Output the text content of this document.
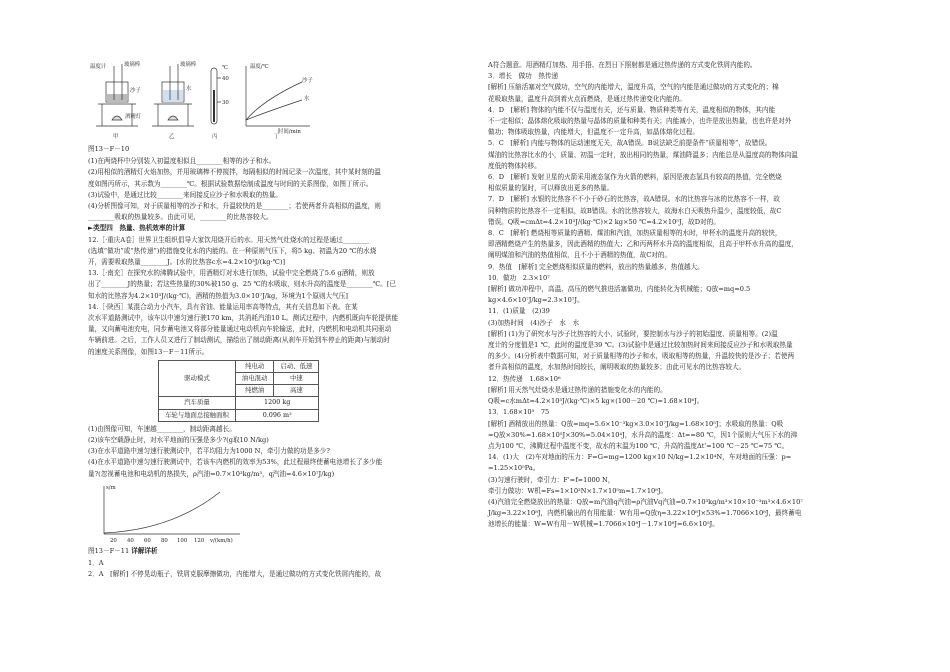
温度计	玻璃棒	玻璃棒
水
沙子
酒精灯
甲	乙	丙	丁
℃
40
30
温度/℃
沙子
水
时间/min

图13－F－10

(1)在两烧杯中分别装入初温度相似且________相等的沙子和水。

(2)用相似的酒精灯火焰加热，并用玻璃棒不停搅拌，每隔相似的时间记录一次温度，其中某时刻的温

度如图丙所示，其示数为________℃。根据试验数据绘制成温度与时间的关系图像，如图丁所示。

(3)试验中，是通过比较________来间接反应沙子和水吸取的热量。

(4)分析图像可知，对于质量相等的沙子和水，升温较快的是________；若使两者升高相似的温度，则

________吸取的热量较多。由此可见，________的比热容较大。

►类型四　热量、热机效率的计算

12.［·重庆A卷］世界卫生组织倡导大家饮用烧开后的水。用天然气灶烧水的过程是通过________

(选填“做功”或“热传递”)的措施变化水的内能的。在一种原则气压下，将5 kg、初温为20 ℃的水烧

开，需要吸取热量________J。[水的比热容c水=4.2×10³J/(kg·℃)]

13.［·南充］在探究水的沸腾试验中，用酒精灯对水进行加热，试验中完全燃烧了5.6 g酒精，则放

出了________J的热量；若这些热量的30%被150 g、25 ℃的水吸取，则水升高的温度是________℃。[已

知水的比热容为4.2×10³J/(kg·℃)，酒精的热值为3.0×10⁷J/kg，环境为1个原则大气压]

14.［·陕西］某混合动力小汽车，具有省油、能量运用率高等特点，其有关信息如下表。在某

次水平道路测试中，该车以中速匀速行驶170 km，共消耗汽油10 L。测试过程中，内燃机既向车轮提供能

量，又向蓄电池充电，同步蓄电池又将部分能量通过电动机向车轮输送，此时，内燃机和电动机共同驱动

车辆前进。之后，工作人员又进行了制动测试，描绘出了制动距离(从刹车开始到车停止的距离)与制动时

的速度关系图像，如图13－F－11所示。

驱动模式	纯电动	启动、低速
	油电混动	中速
	纯燃油	高速
汽车质量	1200 kg	
车轮与地面总接触面积	0.096 m²	

(1)由图像可知，车速越________，制动距离越长。

(2)该车空载静止时，对水平地面的压强是多少?(g取10 N/kg)

(3)在水平道路中速匀速行驶测试中，若平均阻力为1000 N，牵引力做的功是多少?

(4)在水平道路中速匀速行驶测试中，若该车内燃机的效率为53%，此过程最终使蓄电池增长了多少能

量?(忽视蓄电池和电动机的热损失，ρ汽油=0.7×10³kg/m³，q汽油=4.6×10⁷J/kg)

s/m
v/(km/h)
20 40 60 80 100 120

图13－F－11 详解详析

1．A

2．A　[解析] 不停晃动瓶子，铁屑克服摩擦做功，内能增大，是通过做功的方式变化铁屑内能的，故

A符合题意。用酒精灯加热、用手捂、在烈日下照射都是通过热传递的方式变化铁屑内能的。

3．增长　做功　热传递

[解析] 压缩活塞对空气做功，空气的内能增大，温度升高，空气的内能是通过做功的方式变化的；棉

花吸取热量，温度升高到着火点而燃烧，是通过热传递变化内能的。

4．D　[解析] 物体的内能不仅与温度有关，还与质量、物质种类等有关，温度相似的物体，其内能

不一定相似；晶体熔化吸取的热量与晶体的质量和种类有关；内能减小，也许是放出热量，也也许是对外

做功；物体吸取热量，内能增大，但温度不一定升高，如晶体熔化过程。

5．C　[解析] 内能与物体的运动速度无关，故A错误。B说法缺乏前提条件“质量相等”，故错误。

煤油的比热容比水的小，质量、初温一定时，放出相同的热量，煤油降温多；内能总是从温度高的物体向温

度低的物体转移。

6．D　[解析] 发射卫星的火箭采用液态氢作为火箭的燃料，原因是液态氢具有较高的热值，完全燃烧

相似质量的氢时，可以释放出更多的热量。

7．D　[解析] 水银的比热容不不小于砂石的比热容，故A错误。水的比热容与冰的比热容不一样，故

同种物质的比热容不一定相似，故B错误。水的比热容较大，故海水白天吸热升温少，温度较低，故C

错误。Q吸=cmΔt=4.2×10³J/(kg·℃)×2 kg×50 ℃=4.2×10⁵J，故D对的。

8．C　[解析] 燃烧相等质量的酒精、煤油和汽油，加热质量相等的水时，甲杯水的温度升高的较快，

即酒精燃烧产生的热量多，因此酒精的热值大；乙和丙两杯水升高的温度相似，且高于甲杯水升高的温度，

阐明煤油和汽油的热值相似，且不小于酒精的热值，故C对的。

9．热值　[解析] 完全燃烧相似质量的燃料，放出的热量越多，热值越大。

10．做功　2.3×10⁷

[解析] 做功冲程中，高温、高压的燃气推进活塞做功，内能转化为机械能；Q放=mq=0.5

kg×4.6×10⁷J/kg=2.3×10⁷J。

11．(1)质量　(2)39

(3)加热时间　(4)沙子　水　水

[解析] (1)为了研究水与沙子比热容的大小，试验时，要控制水与沙子的初始温度、质量相等。(2)温

度计的分度值是1 ℃，此时的温度是39 ℃。(3)试验中是通过比较加热时间来间接反应沙子和水吸取热量

的多少。(4)分析表中数据可知，对于质量相等的沙子和水，吸取相等的热量，升温较快的是沙子；若使两

者升高相似的温度，水加热时间较长，阐明吸取的热量较多；由此可见水的比热容较大。

12．热传递　1.68×10⁶

[解析] 用天然气灶烧水是通过热传递的措施变化水的内能的。

Q吸=c水mΔt=4.2×10³J/(kg·℃)×5 kg×(100－20 ℃)=1.68×10⁶J。

13．1.68×10⁵　75

[解析] 酒精放出的热量：Q放=mq=5.6×10⁻³kg×3.0×10⁷J/kg=1.68×10⁵J；水吸取的热量：Q吸

=Q放×30%=1.68×10⁵J×30%=5.04×10⁴J，水升高的温度：Δt==80 ℃，因1个原则大气压下水的沸

点为100 ℃，沸腾过程中温度不变，故水的末温为100 ℃，升高的温度Δt'=100 ℃－25 ℃=75 ℃。

14．(1)大　(2)车对地面的压力：F=G=mg=1200 kg×10 N/kg=1.2×10⁴N，车对地面的压强：p=

=1.25×10⁵Pa。

(3)匀速行驶时，牵引力：F'=f=1000 N，

牵引力做功：W机=Fs=1×10³N×1.7×10⁵m=1.7×10⁸J。

(4)汽油完全燃烧放出的热量：Q放=m汽油q汽油=ρ汽油Vq汽油=0.7×10³kg/m³×10×10⁻³m³×4.6×10⁷

J/kg=3.22×10⁸J，内燃机输出的有用能量：W有用=Q放η=3.22×10⁸J×53%=1.7066×10⁸J，最终蓄电

池增长的能量：W=W有用－W机械=1.7066×10⁸J－1.7×10⁸J=6.6×10⁵J。
